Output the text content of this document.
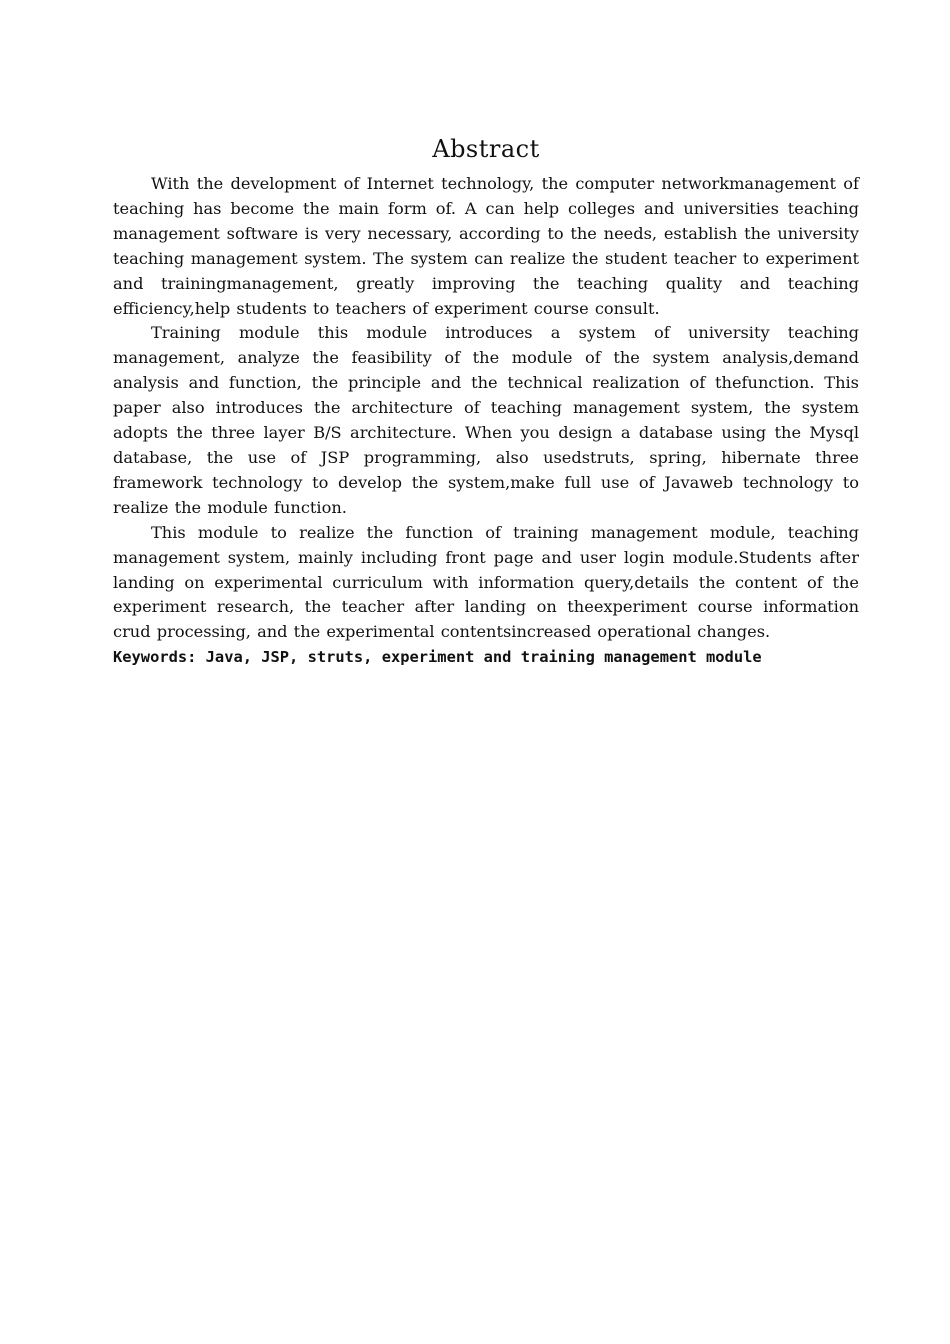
Abstract

With the development of Internet technology, the computer networkmanagement of teaching has become the main form of. A can help colleges and universities teaching management software is very necessary, according to the needs, establish the university teaching management system. The system can realize the student teacher to experiment and trainingmanagement, greatly improving the teaching quality and teaching efficiency,help students to teachers of experiment course consult.

Training module this module introduces a system of university teaching management, analyze the feasibility of the module of the system analysis,demand analysis and function, the principle and the technical realization of thefunction. This paper also introduces the architecture of teaching management system, the system adopts the three layer B/S architecture. When you design a database using the Mysql database, the use of JSP programming, also usedstruts, spring, hibernate three framework technology to develop the system,make full use of Javaweb technology to realize the module function.

This module to realize the function of training management module, teaching management system, mainly including front page and user login module.Students after landing on experimental curriculum with information query,details the content of the experiment research, the teacher after landing on theexperiment course information crud processing, and the experimental contentsincreased operational changes.

Keywords: Java, JSP, struts, experiment and training management module
